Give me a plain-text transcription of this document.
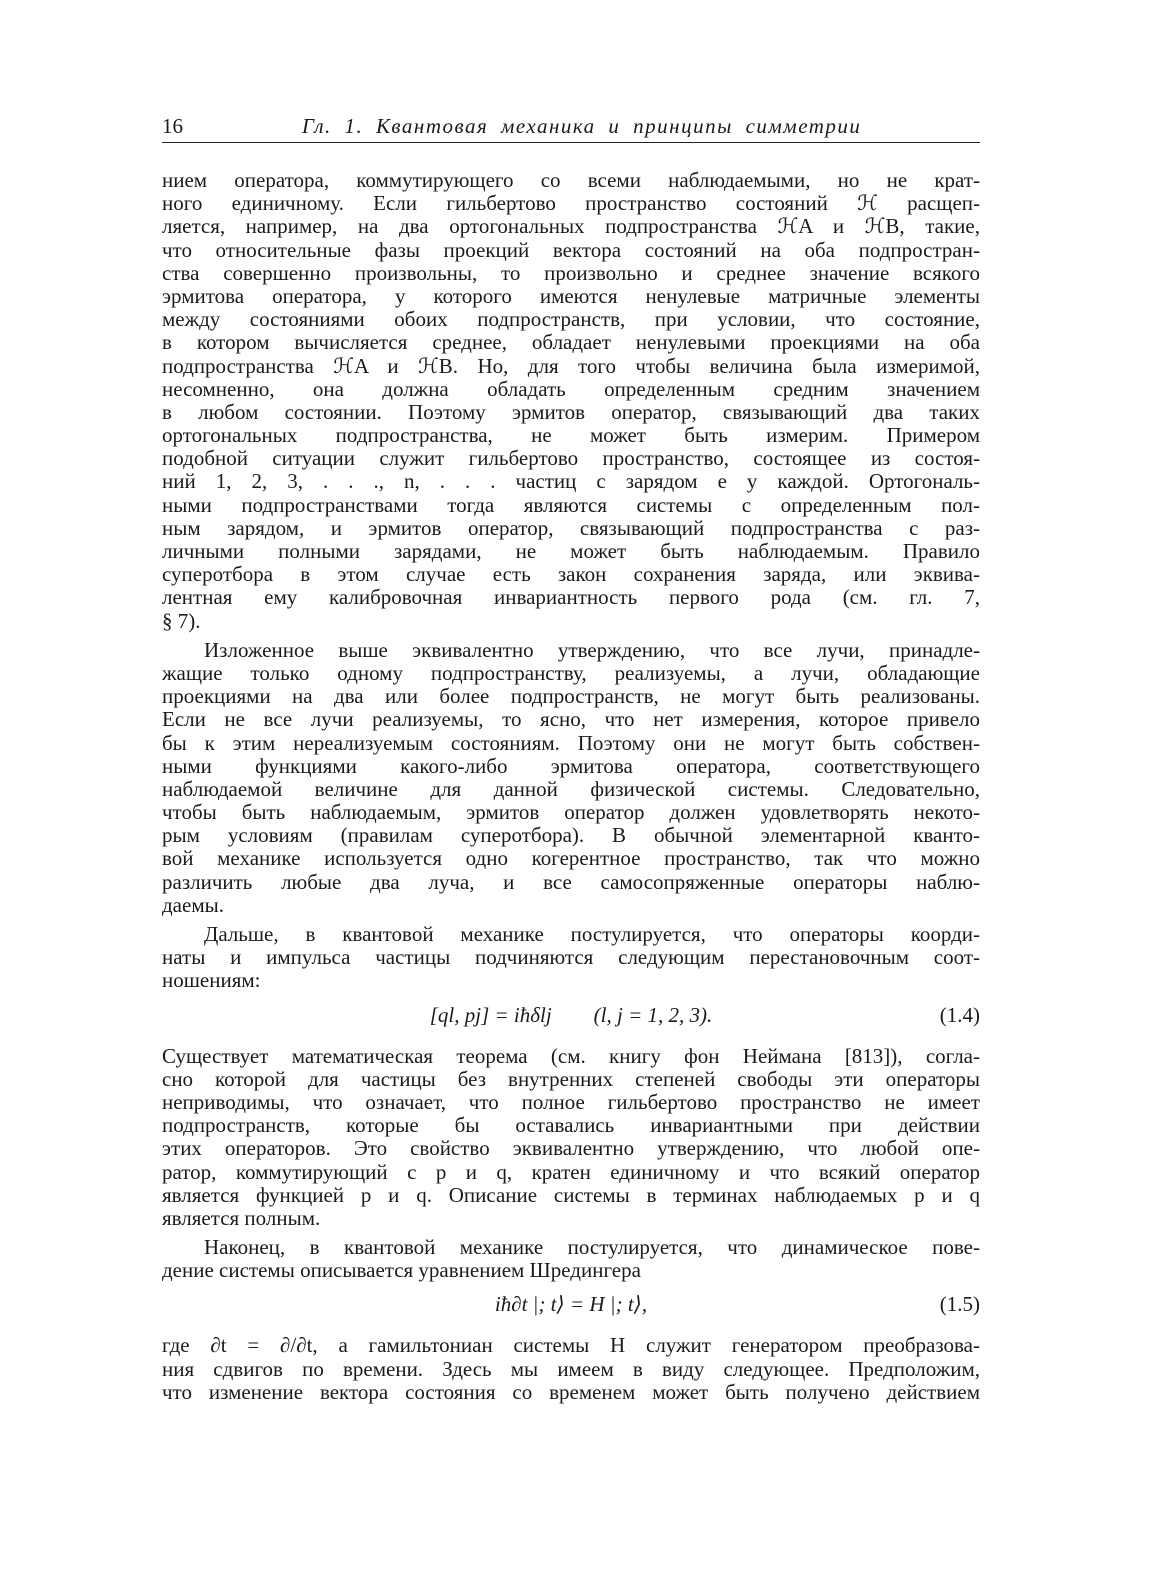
16	Гл. 1. Квантовая механика и принципы симметрии
нием оператора, коммутирующего со всеми наблюдаемыми, но не крат-
ного единичному. Если гильбертово пространство состояний ℋ расщеп-
ляется, например, на два ортогональных подпространства ℋA и ℋB, такие,
что относительные фазы проекций вектора состояний на оба подпростран-
ства совершенно произвольны, то произвольно и среднее значение всякого
эрмитова оператора, у которого имеются ненулевые матричные элементы
между состояниями обоих подпространств, при условии, что состояние,
в котором вычисляется среднее, обладает ненулевыми проекциями на оба
подпространства ℋA и ℋB. Но, для того чтобы величина была измеримой,
несомненно, она должна обладать определенным средним значением
в любом состоянии. Поэтому эрмитов оператор, связывающий два таких
ортогональных подпространства, не может быть измерим. Примером
подобной ситуации служит гильбертово пространство, состоящее из состоя-
ний 1, 2, 3, . . ., n, . . . частиц с зарядом e у каждой. Ортогональ-
ными подпространствами тогда являются системы с определенным пол-
ным зарядом, и эрмитов оператор, связывающий подпространства с раз-
личными полными зарядами, не может быть наблюдаемым. Правило
суперотбора в этом случае есть закон сохранения заряда, или эквива-
лентная ему калибровочная инвариантность первого рода (см. гл. 7,
§ 7).
Изложенное выше эквивалентно утверждению, что все лучи, принадле-
жащие только одному подпространству, реализуемы, а лучи, обладающие
проекциями на два или более подпространств, не могут быть реализованы.
Если не все лучи реализуемы, то ясно, что нет измерения, которое привело
бы к этим нереализуемым состояниям. Поэтому они не могут быть собствен-
ными функциями какого-либо эрмитова оператора, соответствующего
наблюдаемой величине для данной физической системы. Следовательно,
чтобы быть наблюдаемым, эрмитов оператор должен удовлетворять некото-
рым условиям (правилам суперотбора). В обычной элементарной кванто-
вой механике используется одно когерентное пространство, так что можно
различить любые два луча, и все самосопряженные операторы наблю-
даемы.
Дальше, в квантовой механике постулируется, что операторы коорди-
наты и импульса частицы подчиняются следующим перестановочным соот-
ношениям:
[ql, pj] = iħδlj        (l, j = 1, 2, 3).	(1.4)
Существует математическая теорема (см. книгу фон Неймана [813]), согла-
сно которой для частицы без внутренних степеней свободы эти операторы
неприводимы, что означает, что полное гильбертово пространство не имеет
подпространств, которые бы оставались инвариантными при действии
этих операторов. Это свойство эквивалентно утверждению, что любой опе-
ратор, коммутирующий с p и q, кратен единичному и что всякий оператор
является функцией p и q. Описание системы в терминах наблюдаемых p и q
является полным.
Наконец, в квантовой механике постулируется, что динамическое пове-
дение системы описывается уравнением Шредингера
iħ∂t |; t⟩ = H |; t⟩,	(1.5)
где ∂t = ∂/∂t, а гамильтониан системы H служит генератором преобразова-
ния сдвигов по времени. Здесь мы имеем в виду следующее. Предположим,
что изменение вектора состояния со временем может быть получено действием
